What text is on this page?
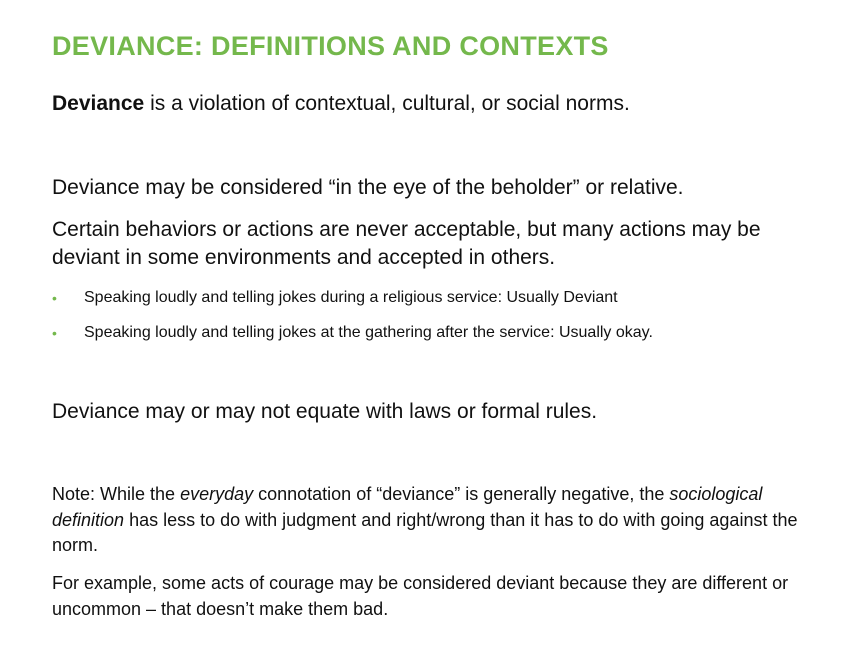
DEVIANCE: DEFINITIONS AND CONTEXTS

Deviance is a violation of contextual, cultural, or social norms.

Deviance may be considered “in the eye of the beholder” or relative.

Certain behaviors or actions are never acceptable, but many actions may be deviant in some environments and accepted in others.

• Speaking loudly and telling jokes during a religious service: Usually Deviant
• Speaking loudly and telling jokes at the gathering after the service: Usually okay.

Deviance may or may not equate with laws or formal rules.

Note: While the everyday connotation of “deviance” is generally negative, the sociological definition has less to do with judgment and right/wrong than it has to do with going against the norm.

For example, some acts of courage may be considered deviant because they are different or uncommon – that doesn’t make them bad.
